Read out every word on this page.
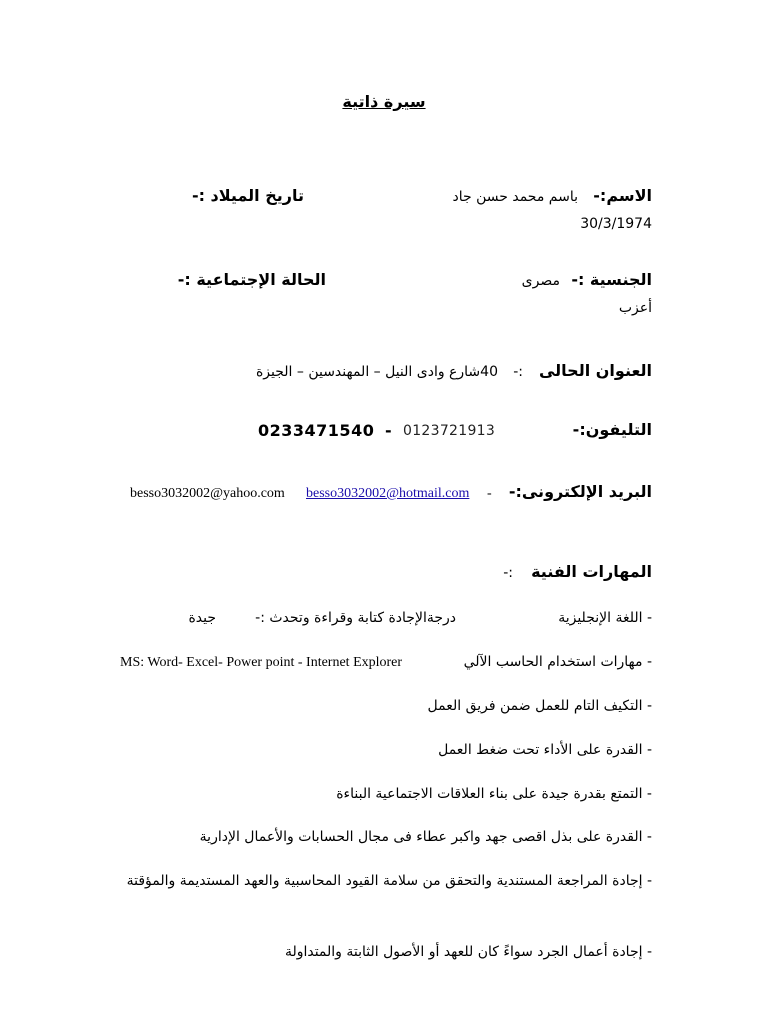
سيرة ذاتية
الاسم:-
باسم محمد حسن جاد
تاريخ الميلاد :-
30/3/1974
الجنسية :-
مصرى
الحالة الإجتماعية :-
أعزب
العنوان الحالى
:-
40شارع وادى النيل – المهندسين – الجيزة
التليفون:-
0123721913
-
0233471540
البريد الإلكترونى:-
-
besso3032002@hotmail.com
besso3032002@yahoo.com
المهارات الفنية
:-
- اللغة الإنجليزية
درجةالإجادة كتابة وقراءة وتحدث :-
جيدة
- مهارات استخدام الحاسب الآلي
MS: Word- Excel- Power point - Internet Explorer
- التكيف التام للعمل ضمن فريق العمل
- القدرة على الأداء تحت ضغط العمل
- التمتع بقدرة جيدة على بناء العلاقات الاجتماعية البناءة
- القدرة على بذل اقصى جهد واكبر عطاء فى مجال الحسابات والأعمال الإدارية
- إجادة المراجعة المستندية والتحقق من سلامة القيود المحاسبية والعهد المستديمة والمؤقتة
- إجادة أعمال الجرد سواءً كان للعهد أو الأصول الثابتة والمتداولة
